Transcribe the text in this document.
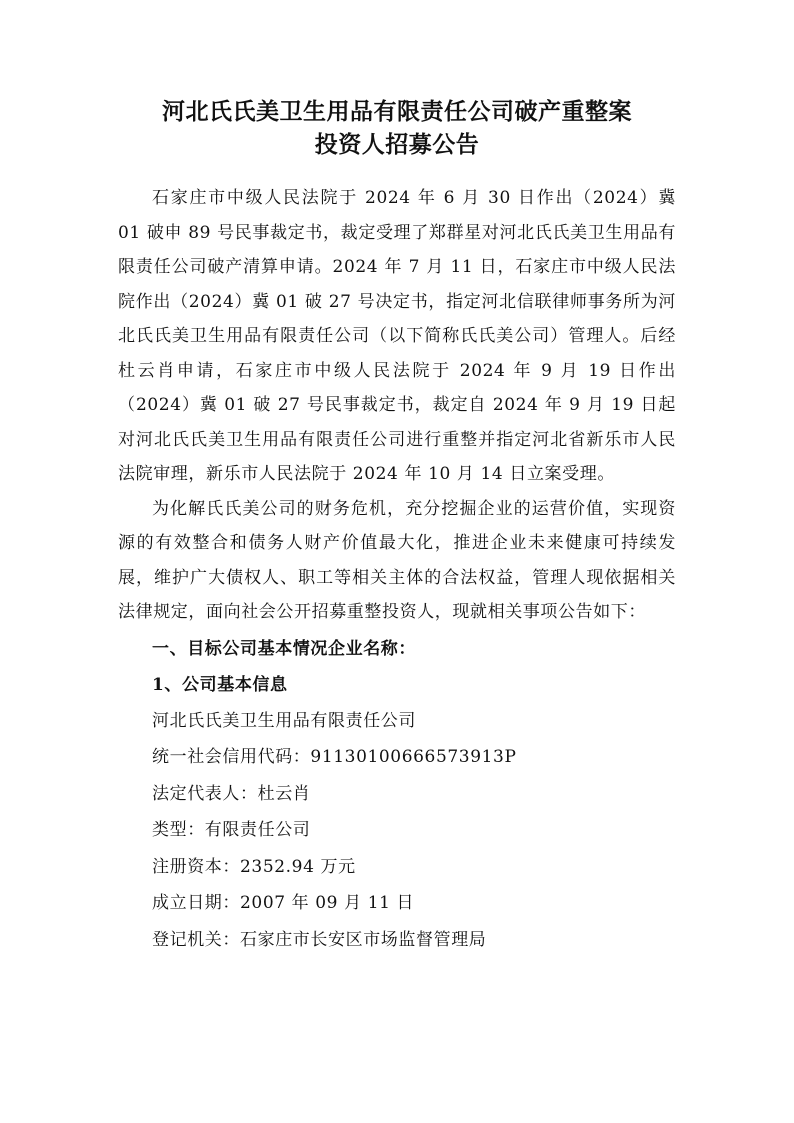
河北氏氏美卫生用品有限责任公司破产重整案

投资人招募公告

石家庄市中级人民法院于 2024 年 6 月 30 日作出（2024）冀 01 破申 89 号民事裁定书，裁定受理了郑群星对河北氏氏美卫生用品有限责任公司破产清算申请。2024 年 7 月 11 日，石家庄市中级人民法院作出（2024）冀 01 破 27 号决定书，指定河北信联律师事务所为河北氏氏美卫生用品有限责任公司（以下简称氏氏美公司）管理人。后经杜云肖申请，石家庄市中级人民法院于 2024 年 9 月 19 日作出（2024）冀 01 破 27 号民事裁定书，裁定自 2024 年 9 月 19 日起对河北氏氏美卫生用品有限责任公司进行重整并指定河北省新乐市人民法院审理，新乐市人民法院于 2024 年 10 月 14 日立案受理。

为化解氏氏美公司的财务危机，充分挖掘企业的运营价值，实现资源的有效整合和债务人财产价值最大化，推进企业未来健康可持续发展，维护广大债权人、职工等相关主体的合法权益，管理人现依据相关法律规定，面向社会公开招募重整投资人，现就相关事项公告如下：

一、目标公司基本情况企业名称：

1、公司基本信息

河北氏氏美卫生用品有限责任公司

统一社会信用代码：91130100666573913P

法定代表人：杜云肖

类型：有限责任公司

注册资本：2352.94 万元

成立日期：2007 年 09 月 11 日

登记机关：石家庄市长安区市场监督管理局
